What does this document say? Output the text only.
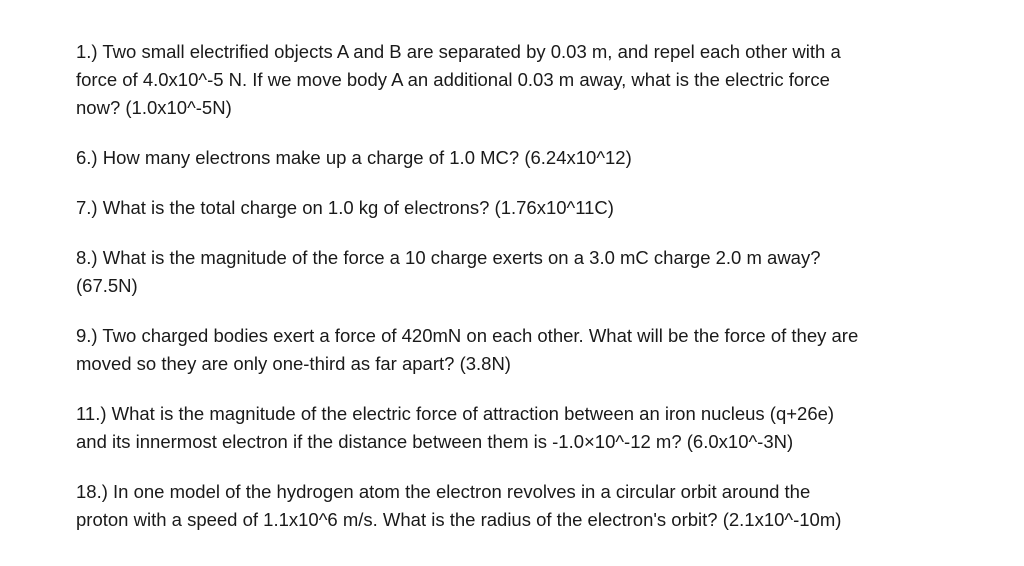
1.) Two small electrified objects A and B are separated by 0.03 m, and repel each other with a
force of 4.0x10^-5 N. If we move body A an additional 0.03 m away, what is the electric force
now? (1.0x10^-5N)

6.) How many electrons make up a charge of 1.0 MC? (6.24x10^12)

7.) What is the total charge on 1.0 kg of electrons? (1.76x10^11C)

8.) What is the magnitude of the force a 10 charge exerts on a 3.0 mC charge 2.0 m away?
(67.5N)

9.) Two charged bodies exert a force of 420mN on each other. What will be the force of they are
moved so they are only one-third as far apart? (3.8N)

11.) What is the magnitude of the electric force of attraction between an iron nucleus (q+26e)
and its innermost electron if the distance between them is -1.0×10^-12 m? (6.0x10^-3N)

18.) In one model of the hydrogen atom the electron revolves in a circular orbit around the
proton with a speed of 1.1x10^6 m/s. What is the radius of the electron's orbit? (2.1x10^-10m)
